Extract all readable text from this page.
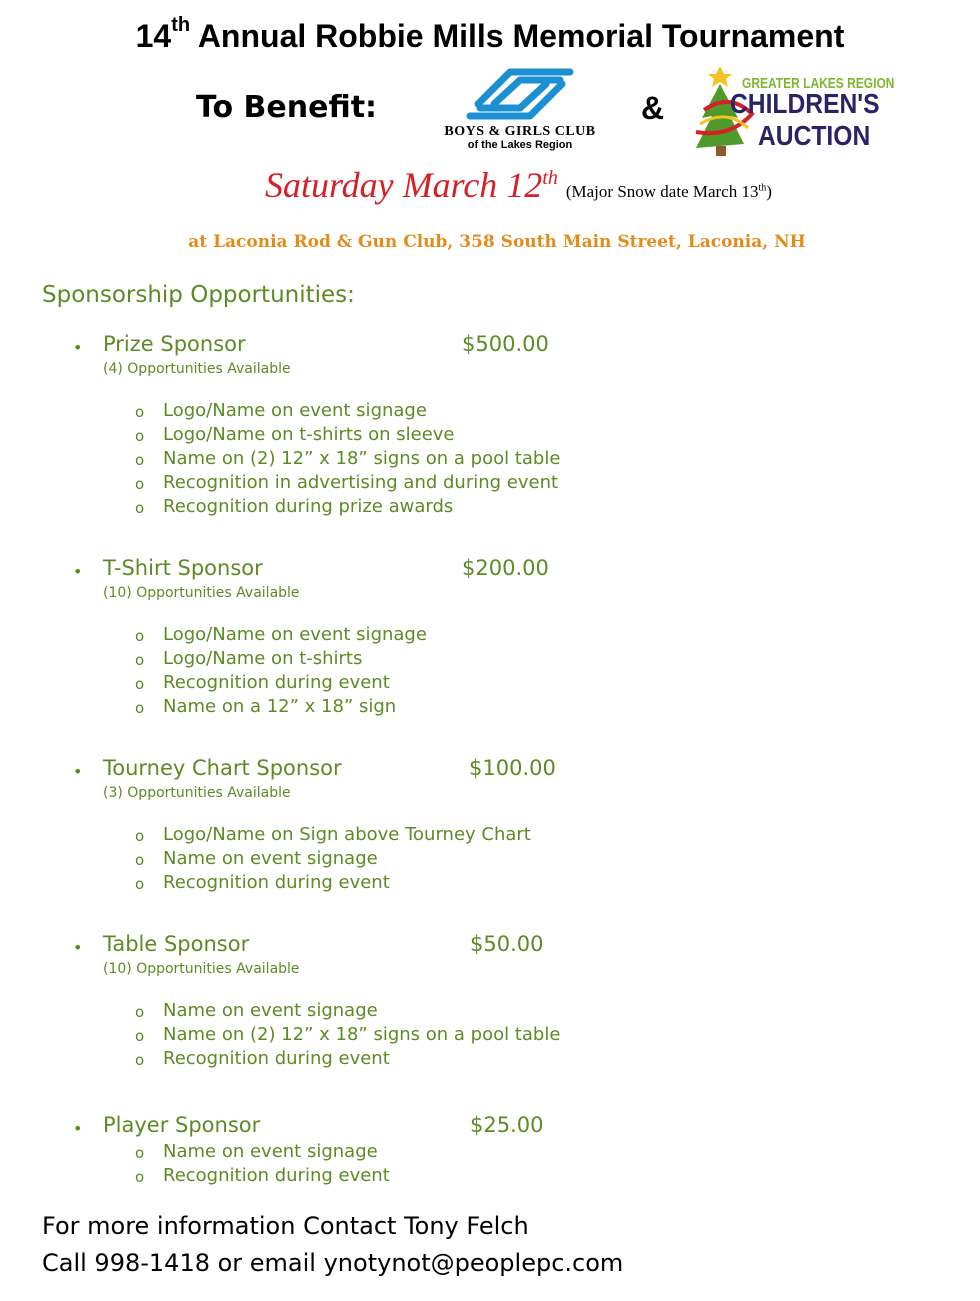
14th Annual Robbie Mills Memorial Tournament
To Benefit:
BOYS & GIRLS CLUB
of the Lakes Region
&
GREATER LAKES REGION
CHILDREN'S
AUCTION
Saturday March 12th(Major Snow date March 13th)
at Laconia Rod & Gun Club, 358 South Main Street, Laconia, NH
Sponsorship Opportunities:
• Prize Sponsor	$500.00
(4) Opportunities Available
o Logo/Name on event signage
o Logo/Name on t-shirts on sleeve
o Name on (2) 12” x 18” signs on a pool table
o Recognition in advertising and during event
o Recognition during prize awards
• T-Shirt Sponsor	$200.00
(10) Opportunities Available
o Logo/Name on event signage
o Logo/Name on t-shirts
o Recognition during event
o Name on a 12” x 18” sign
• Tourney Chart Sponsor	$100.00
(3) Opportunities Available
o Logo/Name on Sign above Tourney Chart
o Name on event signage
o Recognition during event
• Table Sponsor	$50.00
(10) Opportunities Available
o Name on event signage
o Name on (2) 12” x 18” signs on a pool table
o Recognition during event
• Player Sponsor	$25.00
o Name on event signage
o Recognition during event
For more information Contact Tony Felch
Call 998-1418 or email ynotynot@peoplepc.com
